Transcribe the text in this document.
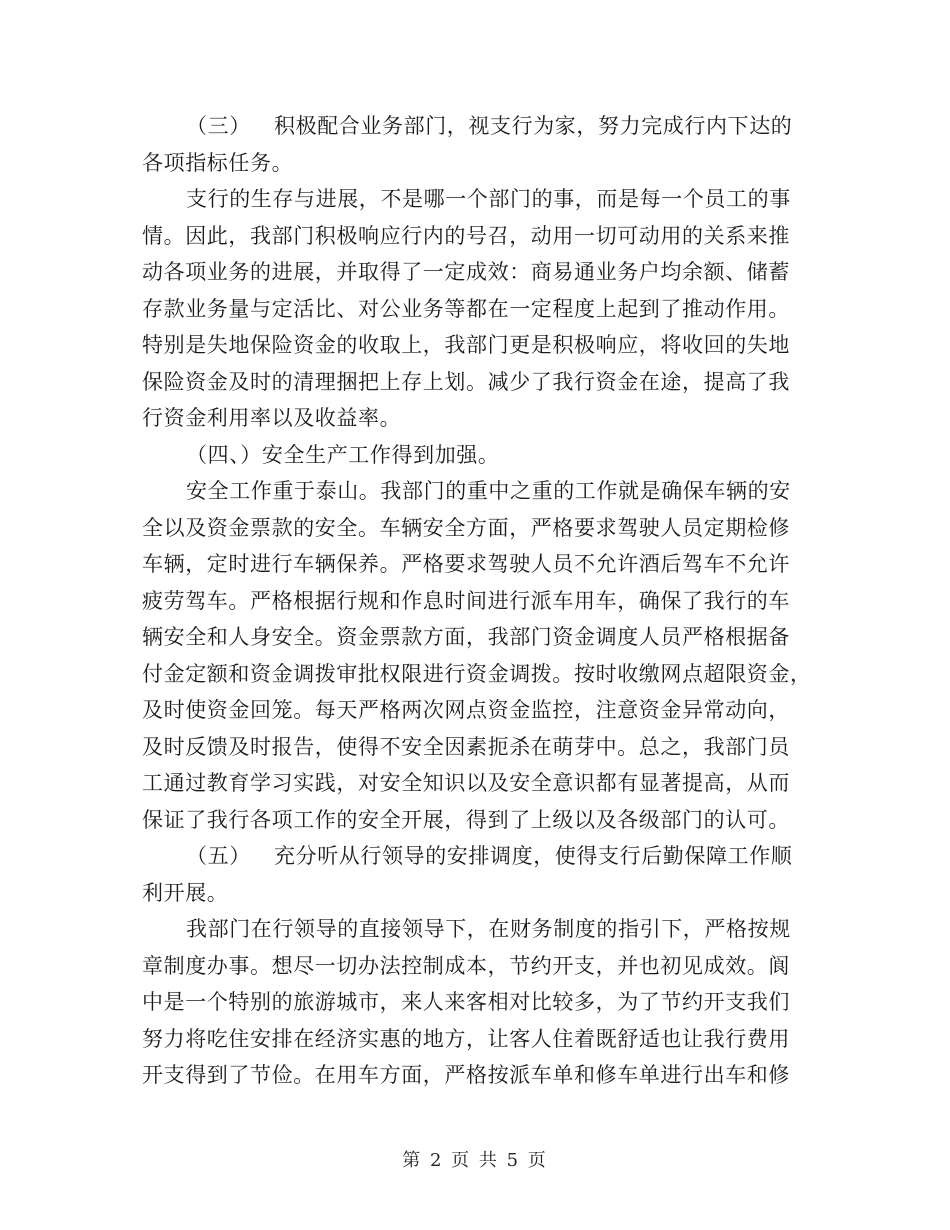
（三） 积极配合业务部门，视支行为家，努力完成行内下达的
各项指标任务。
支行的生存与进展，不是哪一个部门的事，而是每一个员工的事
情。因此，我部门积极响应行内的号召，动用一切可动用的关系来推
动各项业务的进展，并取得了一定成效：商易通业务户均余额、储蓄
存款业务量与定活比、对公业务等都在一定程度上起到了推动作用。
特别是失地保险资金的收取上，我部门更是积极响应，将收回的失地
保险资金及时的清理捆把上存上划。减少了我行资金在途，提高了我
行资金利用率以及收益率。
（四、）安全生产工作得到加强。
安全工作重于泰山。我部门的重中之重的工作就是确保车辆的安
全以及资金票款的安全。车辆安全方面，严格要求驾驶人员定期检修
车辆，定时进行车辆保养。严格要求驾驶人员不允许酒后驾车不允许
疲劳驾车。严格根据行规和作息时间进行派车用车，确保了我行的车
辆安全和人身安全。资金票款方面，我部门资金调度人员严格根据备
付金定额和资金调拨审批权限进行资金调拨。按时收缴网点超限资金，
及时使资金回笼。每天严格两次网点资金监控，注意资金异常动向，
及时反馈及时报告，使得不安全因素扼杀在萌芽中。总之，我部门员
工通过教育学习实践，对安全知识以及安全意识都有显著提高，从而
保证了我行各项工作的安全开展，得到了上级以及各级部门的认可。
（五） 充分听从行领导的安排调度，使得支行后勤保障工作顺
利开展。
我部门在行领导的直接领导下，在财务制度的指引下，严格按规
章制度办事。想尽一切办法控制成本，节约开支，并也初见成效。阆
中是一个特别的旅游城市，来人来客相对比较多，为了节约开支我们
努力将吃住安排在经济实惠的地方，让客人住着既舒适也让我行费用
开支得到了节俭。在用车方面，严格按派车单和修车单进行出车和修
第 2 页 共 5 页
